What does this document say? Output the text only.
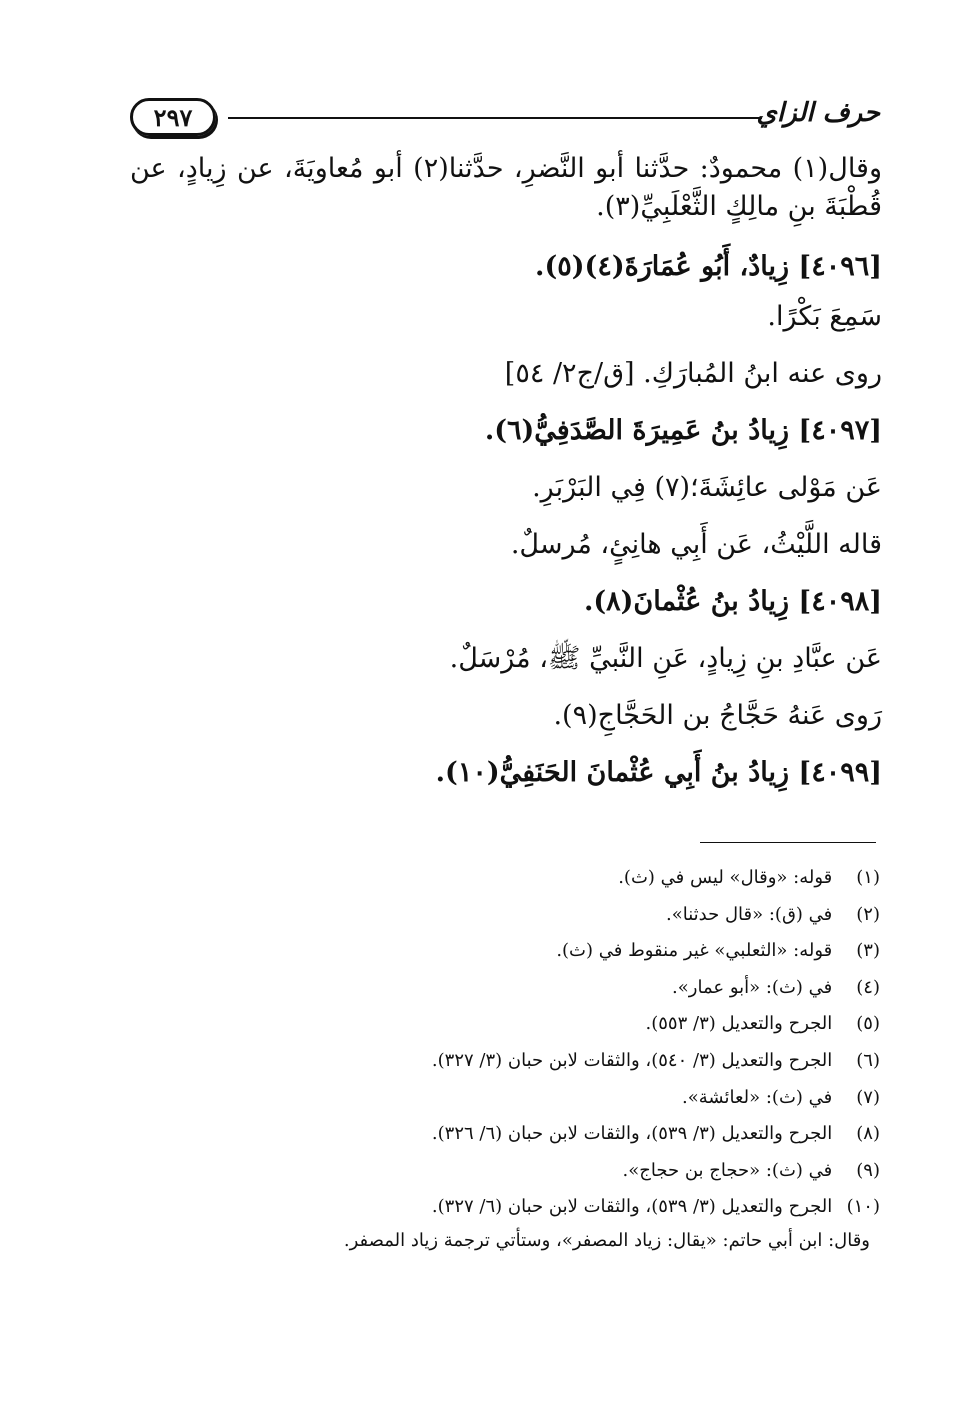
٢٩٧	حرف الزاي
وقال(١) محمودٌ: حدَّثنا أبو النَّضرِ، حدَّثنا(٢) أبو مُعاويَةَ، عن زِيادٍ، عن
قُطْبَةَ بنِ مالِكٍ الثَّعْلَبِيِّ(٣).
[٤٠٩٦] زِيادٌ، أَبُو عُمَارَةَ(٤)(٥).
سَمِعَ بَكْرًا.
روى عنه ابنُ المُبارَكِ. [ق/ج٢/ ٥٤]
[٤٠٩٧] زِيادُ بنُ عَمِيرَةَ الصَّدَفِيُّ(٦).
عَن مَوْلى عائِشَةَ؛(٧) فِي البَرْبَرِ.
قاله اللَّيْثُ، عَن أَبِي هانِئٍ، مُرسلٌ.
[٤٠٩٨] زِيادُ بنُ عُثْمانَ(٨).
عَن عبَّادِ بنِ زِيادٍ، عَنِ النَّبيِّ ﷺ، مُرْسَلٌ.
رَوى عَنهُ حَجَّاجُ بن الحَجَّاجِ(٩).
[٤٠٩٩] زِيادُ بنُ أَبِي عُثْمانَ الحَنَفِيُّ(١٠).
(١) قوله: «وقال» ليس في (ث).
(٢) في (ق): «قال حدثنا».
(٣) قوله: «الثعلبي» غير منقوط في (ث).
(٤) في (ث): «أبو عمار».
(٥) الجرح والتعديل (٣/ ٥٥٣).
(٦) الجرح والتعديل (٣/ ٥٤٠)، والثقات لابن حبان (٣/ ٣٢٧).
(٧) في (ث): «لعائشة».
(٨) الجرح والتعديل (٣/ ٥٣٩)، والثقات لابن حبان (٦/ ٣٢٦).
(٩) في (ث): «حجاج بن حجاج».
(١٠) الجرح والتعديل (٣/ ٥٣٩)، والثقات لابن حبان (٦/ ٣٢٧).
وقال: ابن أبي حاتم: «يقال: زياد المصفر»، وستأتي ترجمة زياد المصفر.
